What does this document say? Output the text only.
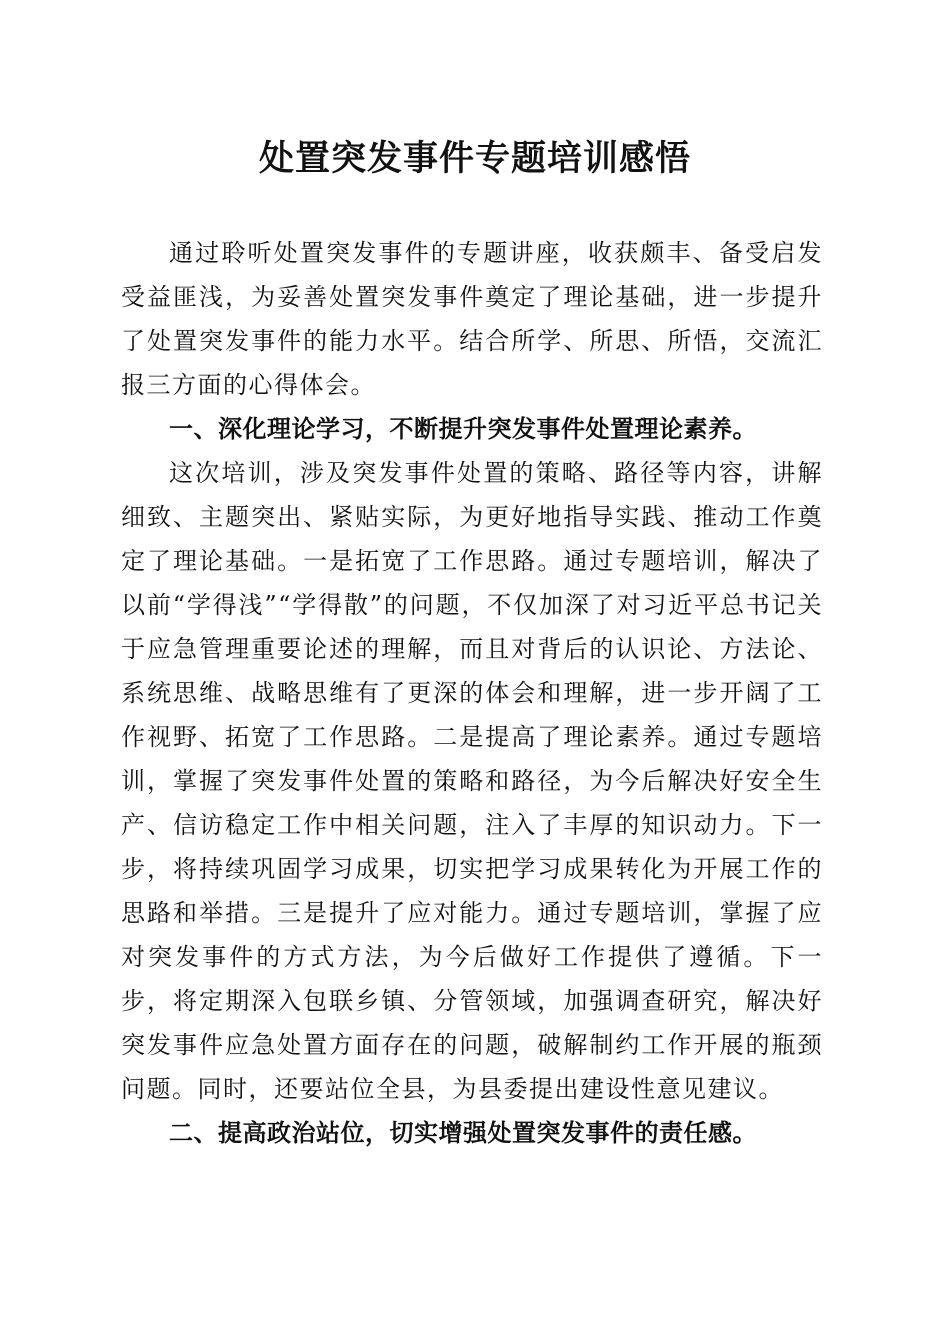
处置突发事件专题培训感悟

通过聆听处置突发事件的专题讲座，收获颇丰、备受启发受益匪浅，为妥善处置突发事件奠定了理论基础，进一步提升了处置突发事件的能力水平。结合所学、所思、所悟，交流汇报三方面的心得体会。

一、深化理论学习，不断提升突发事件处置理论素养。

这次培训，涉及突发事件处置的策略、路径等内容，讲解细致、主题突出、紧贴实际，为更好地指导实践、推动工作奠定了理论基础。一是拓宽了工作思路。通过专题培训，解决了以前“学得浅”“学得散”的问题，不仅加深了对习近平总书记关于应急管理重要论述的理解，而且对背后的认识论、方法论、系统思维、战略思维有了更深的体会和理解，进一步开阔了工作视野、拓宽了工作思路。二是提高了理论素养。通过专题培训，掌握了突发事件处置的策略和路径，为今后解决好安全生产、信访稳定工作中相关问题，注入了丰厚的知识动力。下一步，将持续巩固学习成果，切实把学习成果转化为开展工作的思路和举措。三是提升了应对能力。通过专题培训，掌握了应对突发事件的方式方法，为今后做好工作提供了遵循。下一步，将定期深入包联乡镇、分管领域，加强调查研究，解决好突发事件应急处置方面存在的问题，破解制约工作开展的瓶颈问题。同时，还要站位全县，为县委提出建设性意见建议。

二、提高政治站位，切实增强处置突发事件的责任感。
